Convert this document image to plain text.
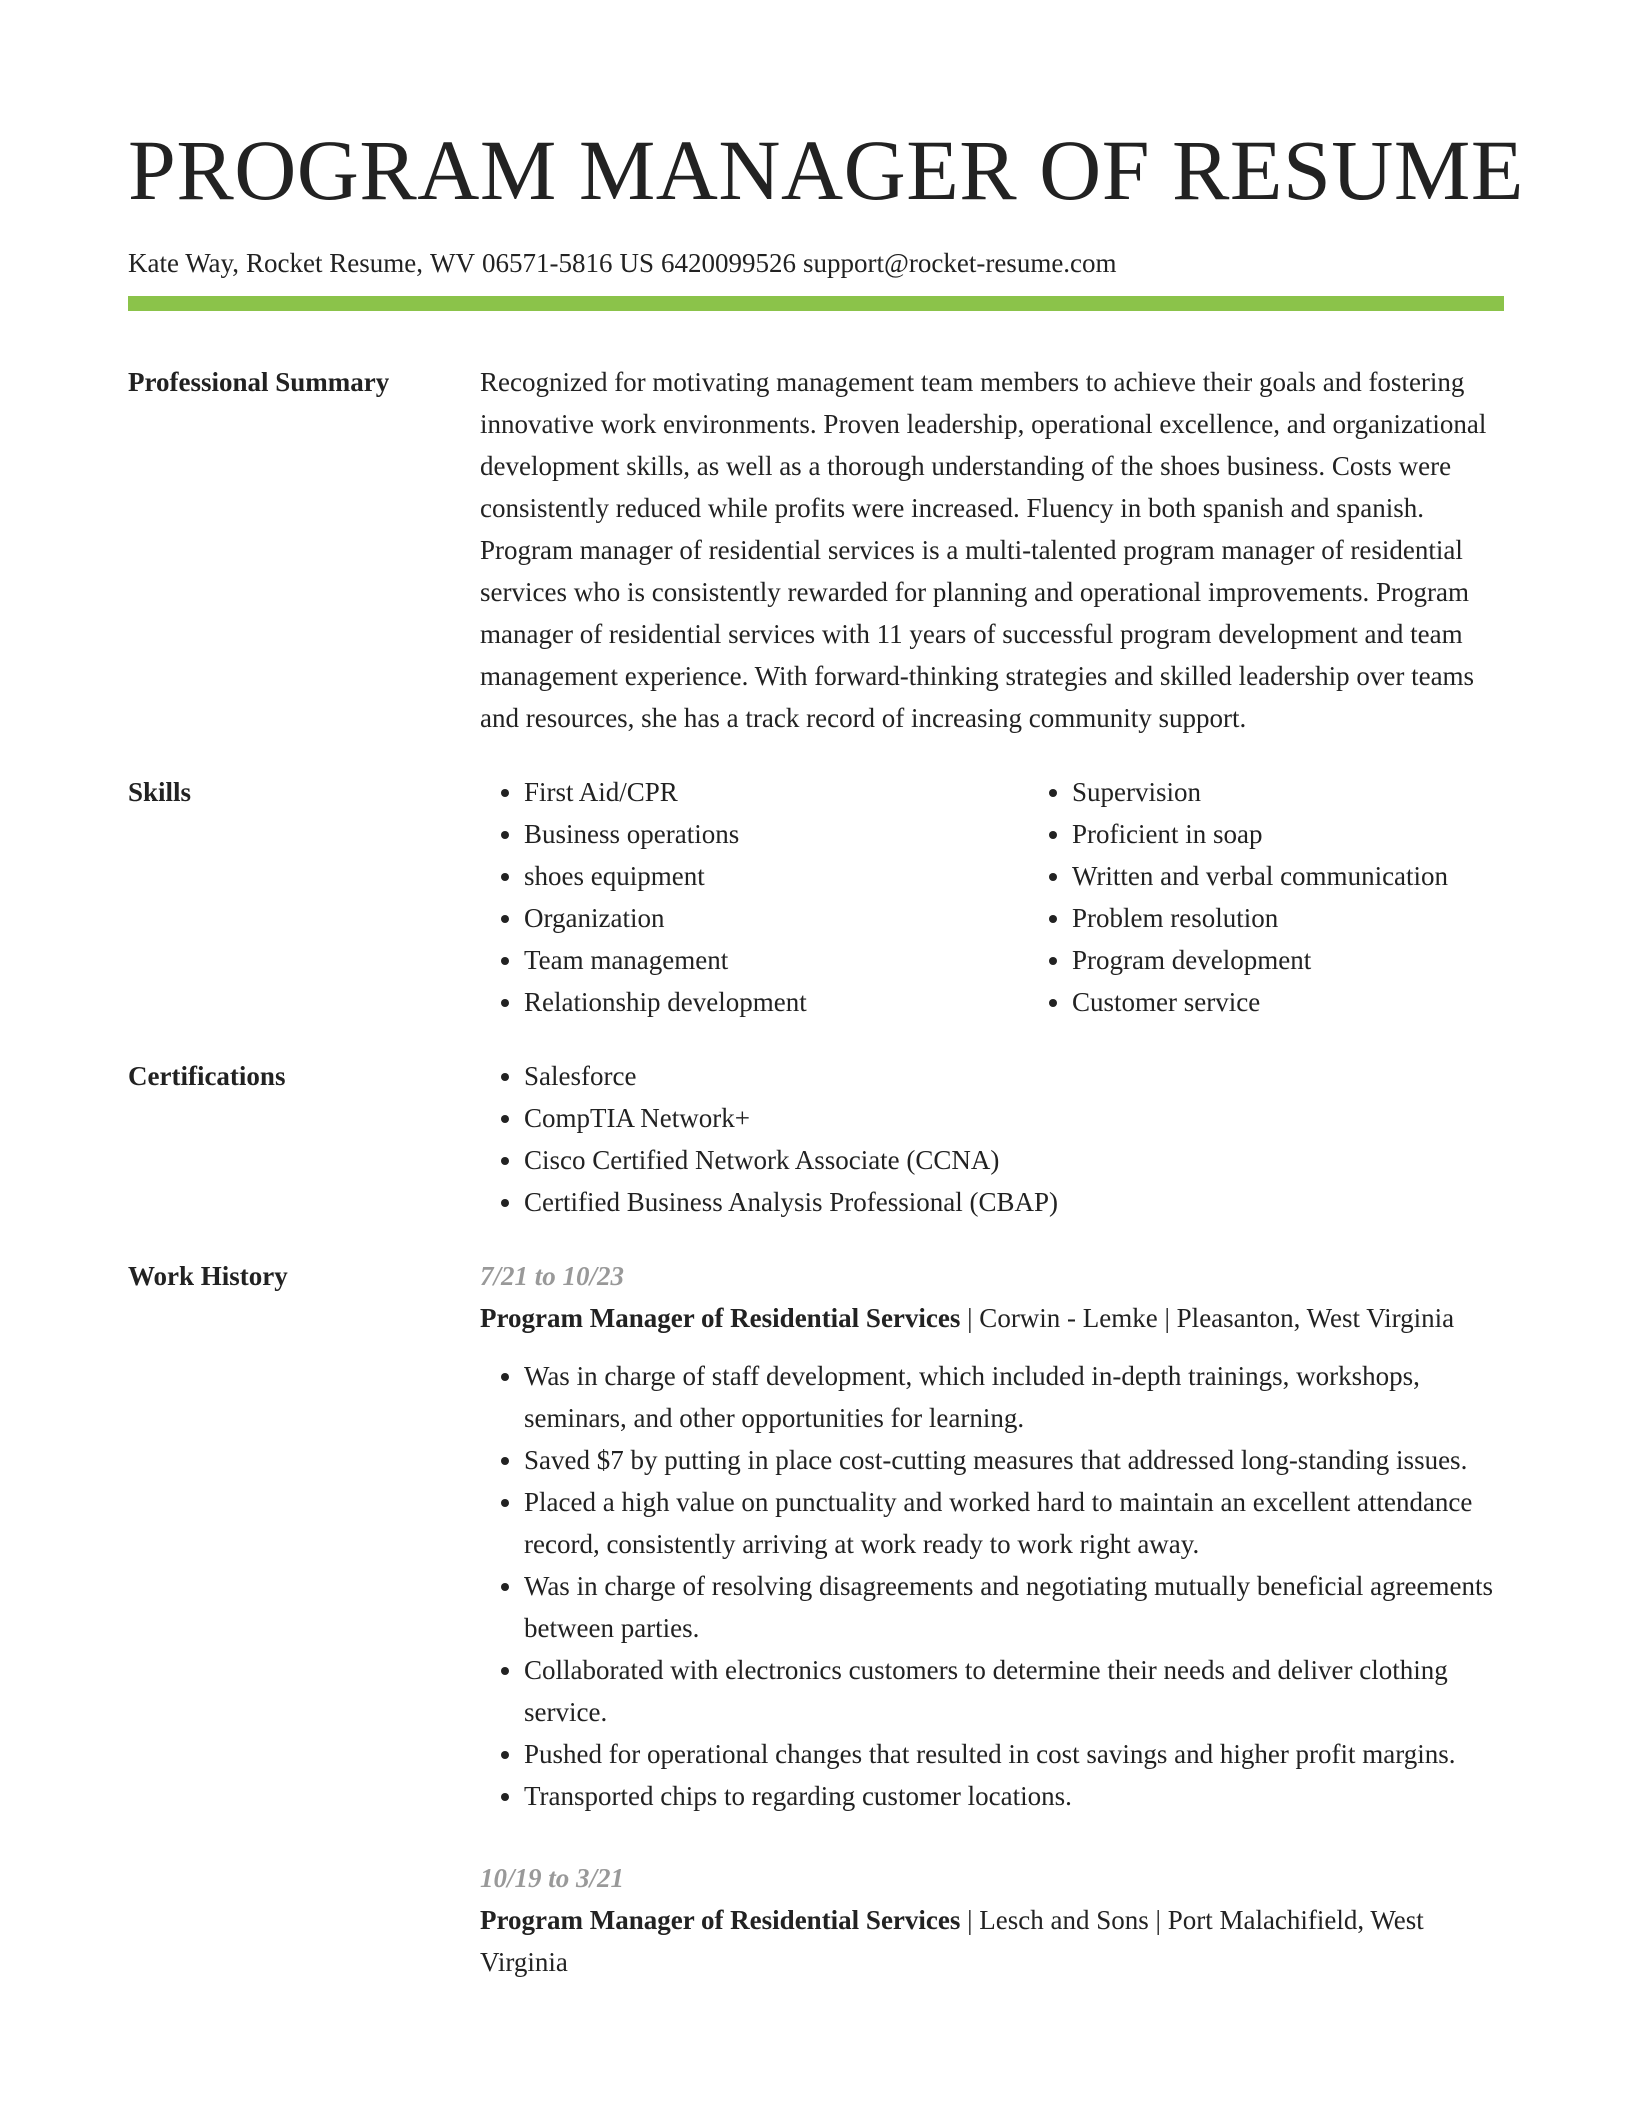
PROGRAM MANAGER OF RESUME
Kate Way, Rocket Resume, WV 06571-5816 US 6420099526 support@rocket-resume.com
Professional Summary	Recognized for motivating management team members to achieve their goals and fostering innovative work environments. Proven leadership, operational excellence, and organizational development skills, as well as a thorough understanding of the shoes business. Costs were consistently reduced while profits were increased. Fluency in both spanish and spanish. Program manager of residential services is a multi-talented program manager of residential services who is consistently rewarded for planning and operational improvements. Program manager of residential services with 11 years of successful program development and team management experience. With forward-thinking strategies and skilled leadership over teams and resources, she has a track record of increasing community support.

Skills	• First Aid/CPR
• Business operations
• shoes equipment
• Organization
• Team management
• Relationship development
• Supervision
• Proficient in soap
• Written and verbal communication
• Problem resolution
• Program development
• Customer service
Certifications	• Salesforce
• CompTIA Network+
• Cisco Certified Network Associate (CCNA)
• Certified Business Analysis Professional (CBAP)
Work History	7/21 to 10/23

Program Manager of Residential Services | Corwin - Lemke | Pleasanton, West Virginia

• Was in charge of staff development, which included in-depth trainings, workshops, seminars, and other opportunities for learning.
• Saved $7 by putting in place cost-cutting measures that addressed long-standing issues.
• Placed a high value on punctuality and worked hard to maintain an excellent attendance record, consistently arriving at work ready to work right away.
• Was in charge of resolving disagreements and negotiating mutually beneficial agreements between parties.
• Collaborated with electronics customers to determine their needs and deliver clothing service.
• Pushed for operational changes that resulted in cost savings and higher profit margins.
• Transported chips to regarding customer locations.
10/19 to 3/21

Program Manager of Residential Services | Lesch and Sons | Port Malachifield, West Virginia
